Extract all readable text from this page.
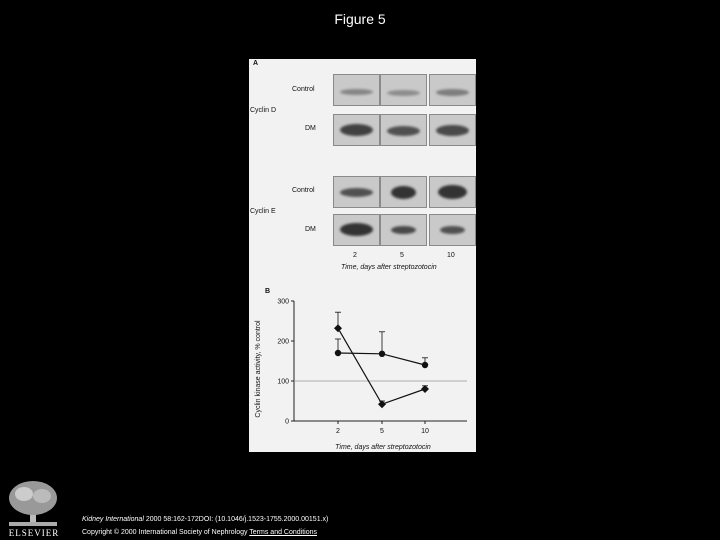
Figure 5
A
Cyclin D
Control
DM
Cyclin E
Control
DM
2	5	10
Time, days after streptozotocin
B
Cyclin kinase activity, % control
Time, days after streptozotocin
0
100
200
300
2	5	10
ELSEVIER
Kidney International 2000 58:162-172DOI: (10.1046/j.1523-1755.2000.00151.x)
Copyright © 2000 International Society of Nephrology Terms and Conditions
